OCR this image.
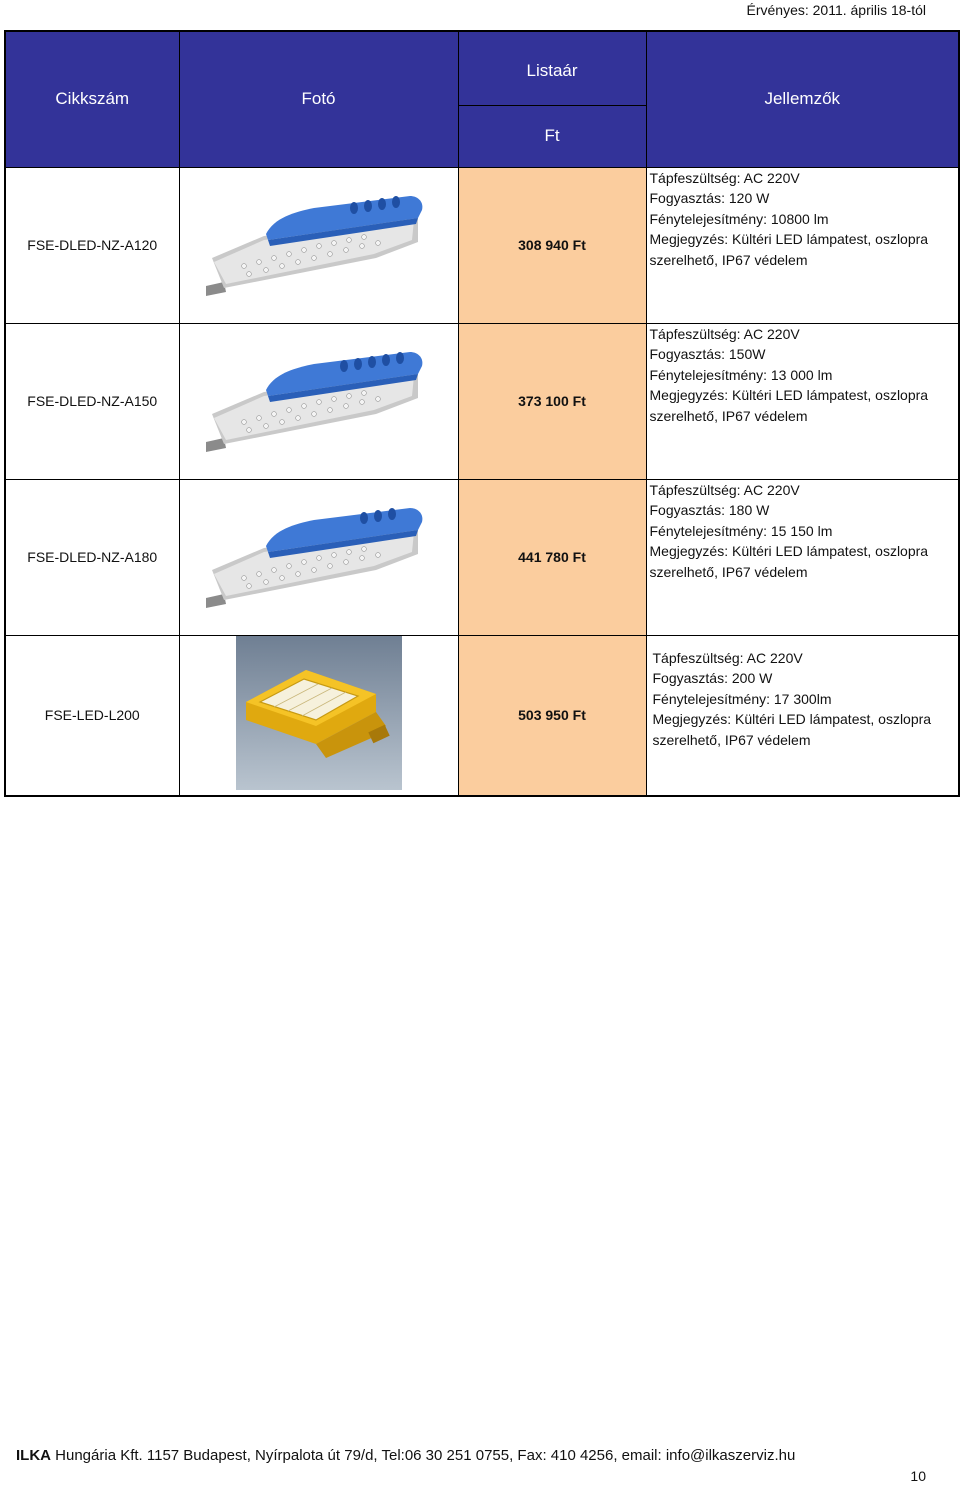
Érvényes: 2011. április 18-tól
Cikkszám	Fotó	Listaár	Jellemzők
		Ft	
FSE-DLED-NZ-A120		308 940 Ft	Tápfeszültség: AC 220V
Fogyasztás: 120 W
Fénytelejesítmény: 10800 lm
Megjegyzés: Kültéri LED lámpatest, oszlopra
szerelhető, IP67 védelem

FSE-DLED-NZ-A150		373 100 Ft	Tápfeszültség: AC 220V
Fogyasztás: 150W
Fénytelejesítmény: 13 000 lm
Megjegyzés: Kültéri LED lámpatest, oszlopra
szerelhető, IP67 védelem

FSE-DLED-NZ-A180		441 780 Ft	Tápfeszültség: AC 220V
Fogyasztás: 180 W
Fénytelejesítmény: 15 150 lm
Megjegyzés: Kültéri LED lámpatest, oszlopra
szerelhető, IP67 védelem

FSE-LED-L200		503 950 Ft	Tápfeszültség: AC 220V
Fogyasztás: 200 W
Fénytelejesítmény: 17 300lm
Megjegyzés: Kültéri LED lámpatest, oszlopra
szerelhető, IP67 védelem
ILKA Hungária Kft. 1157 Budapest, Nyírpalota út 79/d, Tel:06 30 251 0755, Fax: 410 4256, email: info@ilkaszerviz.hu
10
